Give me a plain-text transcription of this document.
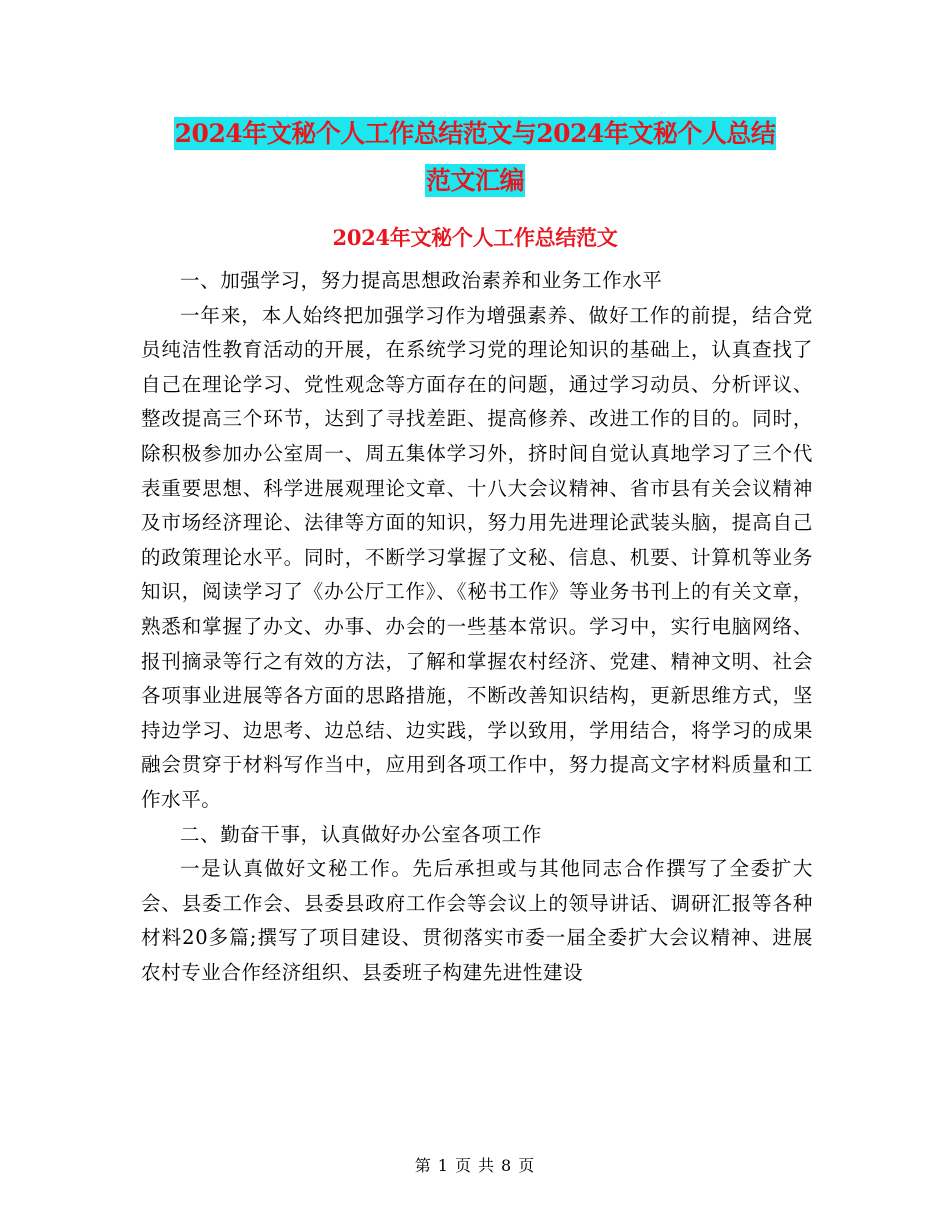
2024年文秘个人工作总结范文与2024年文秘个人总结
范文汇编
2024年文秘个人工作总结范文

一、加强学习，努力提高思想政治素养和业务工作水平

一年来，本人始终把加强学习作为增强素养、做好工作的前提，结合党员纯洁性教育活动的开展，在系统学习党的理论知识的基础上，认真查找了自己在理论学习、党性观念等方面存在的问题，通过学习动员、分析评议、整改提高三个环节，达到了寻找差距、提高修养、改进工作的目的。同时，除积极参加办公室周一、周五集体学习外，挤时间自觉认真地学习了三个代表重要思想、科学进展观理论文章、十八大会议精神、省市县有关会议精神及市场经济理论、法律等方面的知识，努力用先进理论武装头脑，提高自己的政策理论水平。同时，不断学习掌握了文秘、信息、机要、计算机等业务知识，阅读学习了《办公厅工作》、《秘书工作》等业务书刊上的有关文章，熟悉和掌握了办文、办事、办会的一些基本常识。学习中，实行电脑网络、报刊摘录等行之有效的方法，了解和掌握农村经济、党建、精神文明、社会各项事业进展等各方面的思路措施，不断改善知识结构，更新思维方式，坚持边学习、边思考、边总结、边实践，学以致用，学用结合，将学习的成果融会贯穿于材料写作当中，应用到各项工作中，努力提高文字材料质量和工作水平。

二、勤奋干事，认真做好办公室各项工作

一是认真做好文秘工作。先后承担或与其他同志合作撰写了全委扩大会、县委工作会、县委县政府工作会等会议上的领导讲话、调研汇报等各种材料20多篇;撰写了项目建设、贯彻落实市委一届全委扩大会议精神、进展农村专业合作经济组织、县委班子构建先进性建设

第 1 页 共 8 页
